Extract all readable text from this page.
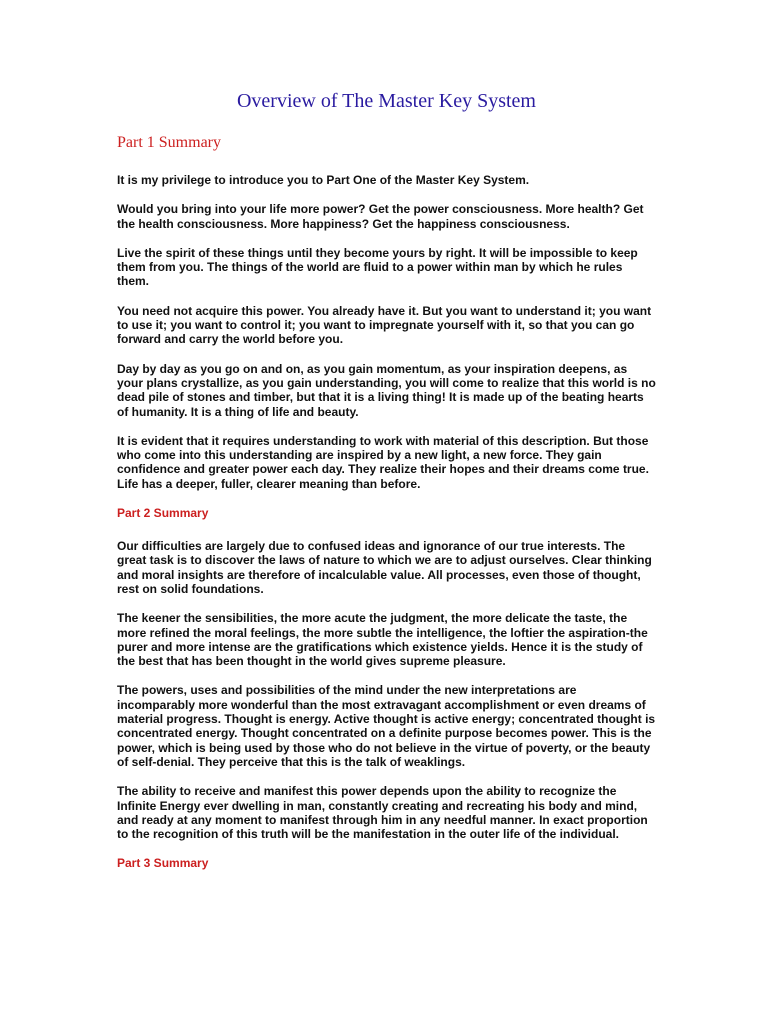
Overview of The Master Key System
Part 1 Summary

It is my privilege to introduce you to Part One of the Master Key System.

Would you bring into your life more power? Get the power consciousness. More health? Get the health consciousness. More happiness? Get the happiness consciousness.

Live the spirit of these things until they become yours by right. It will be impossible to keep them from you. The things of the world are fluid to a power within man by which he rules them.

You need not acquire this power. You already have it. But you want to understand it; you want to use it; you want to control it; you want to impregnate yourself with it, so that you can go forward and carry the world before you.

Day by day as you go on and on, as you gain momentum, as your inspiration deepens, as your plans crystallize, as you gain understanding, you will come to realize that this world is no dead pile of stones and timber, but that it is a living thing! It is made up of the beating hearts of humanity. It is a thing of life and beauty.

It is evident that it requires understanding to work with material of this description. But those who come into this understanding are inspired by a new light, a new force. They gain confidence and greater power each day. They realize their hopes and their dreams come true. Life has a deeper, fuller, clearer meaning than before.

Part 2 Summary

Our difficulties are largely due to confused ideas and ignorance of our true interests. The great task is to discover the laws of nature to which we are to adjust ourselves. Clear thinking and moral insights are therefore of incalculable value. All processes, even those of thought, rest on solid foundations.

The keener the sensibilities, the more acute the judgment, the more delicate the taste, the more refined the moral feelings, the more subtle the intelligence, the loftier the aspiration-the purer and more intense are the gratifications which existence yields. Hence it is the study of the best that has been thought in the world gives supreme pleasure.

The powers, uses and possibilities of the mind under the new interpretations are incomparably more wonderful than the most extravagant accomplishment or even dreams of material progress. Thought is energy. Active thought is active energy; concentrated thought is concentrated energy. Thought concentrated on a definite purpose becomes power. This is the power, which is being used by those who do not believe in the virtue of poverty, or the beauty of self-denial. They perceive that this is the talk of weaklings.

The ability to receive and manifest this power depends upon the ability to recognize the Infinite Energy ever dwelling in man, constantly creating and recreating his body and mind, and ready at any moment to manifest through him in any needful manner. In exact proportion to the recognition of this truth will be the manifestation in the outer life of the individual.

Part 3 Summary
